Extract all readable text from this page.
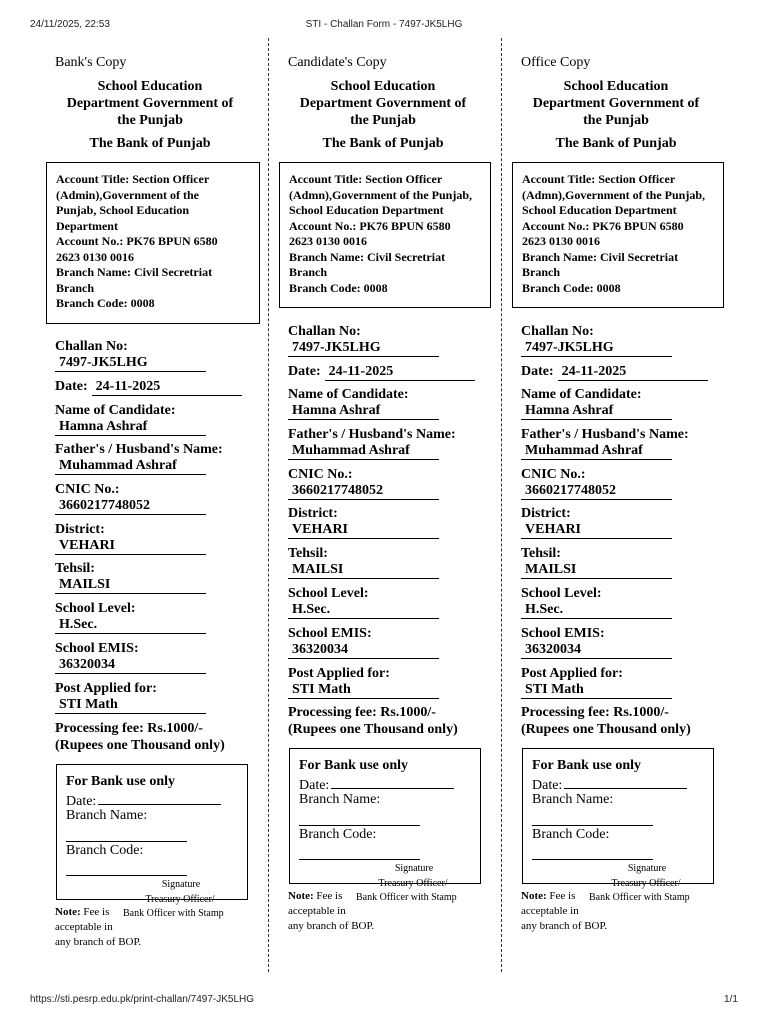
24/11/2025, 22:53	STI - Challan Form - 7497-JK5LHG
Bank's Copy
School Education
Department Government of
the Punjab
The Bank of Punjab
Account Title: Section Officer
(Admin),Government of the
Punjab, School Education
Department
Account No.: PK76 BPUN 6580
2623 0130 0016
Branch Name: Civil Secretriat
Branch
Branch Code: 0008
Challan No:
7497-JK5LHG
Date: 24-11-2025
Name of Candidate:
Hamna Ashraf
Father's / Husband's Name:
Muhammad Ashraf
CNIC No.:
3660217748052
District:
VEHARI
Tehsil:
MAILSI
School Level:
H.Sec.
School EMIS:
36320034
Post Applied for:
STI Math
Processing fee: Rs.1000/-
(Rupees one Thousand only)
For Bank use only
Date:
Branch Name:
Branch Code:
Signature
Treasury Officer/
Note: Fee is Bank Officer with Stamp
acceptable in
any branch of BOP.
Candidate's Copy
School Education
Department Government of
the Punjab
The Bank of Punjab
Account Title: Section Officer
(Admn),Government of the Punjab,
School Education Department
Account No.: PK76 BPUN 6580
2623 0130 0016
Branch Name: Civil Secretriat
Branch
Branch Code: 0008
Challan No:
7497-JK5LHG
Date: 24-11-2025
Name of Candidate:
Hamna Ashraf
Father's / Husband's Name:
Muhammad Ashraf
CNIC No.:
3660217748052
District:
VEHARI
Tehsil:
MAILSI
School Level:
H.Sec.
School EMIS:
36320034
Post Applied for:
STI Math
Processing fee: Rs.1000/-
(Rupees one Thousand only)
For Bank use only
Date:
Branch Name:
Branch Code:
Signature
Treasury Officer/
Note: Fee is Bank Officer with Stamp
acceptable in
any branch of BOP.
Office Copy
School Education
Department Government of
the Punjab
The Bank of Punjab
Account Title: Section Officer
(Admn),Government of the Punjab,
School Education Department
Account No.: PK76 BPUN 6580
2623 0130 0016
Branch Name: Civil Secretriat
Branch
Branch Code: 0008
Challan No:
7497-JK5LHG
Date: 24-11-2025
Name of Candidate:
Hamna Ashraf
Father's / Husband's Name:
Muhammad Ashraf
CNIC No.:
3660217748052
District:
VEHARI
Tehsil:
MAILSI
School Level:
H.Sec.
School EMIS:
36320034
Post Applied for:
STI Math
Processing fee: Rs.1000/-
(Rupees one Thousand only)
For Bank use only
Date:
Branch Name:
Branch Code:
Signature
Treasury Officer/
Note: Fee is Bank Officer with Stamp
acceptable in
any branch of BOP.
https://sti.pesrp.edu.pk/print-challan/7497-JK5LHG	1/1
